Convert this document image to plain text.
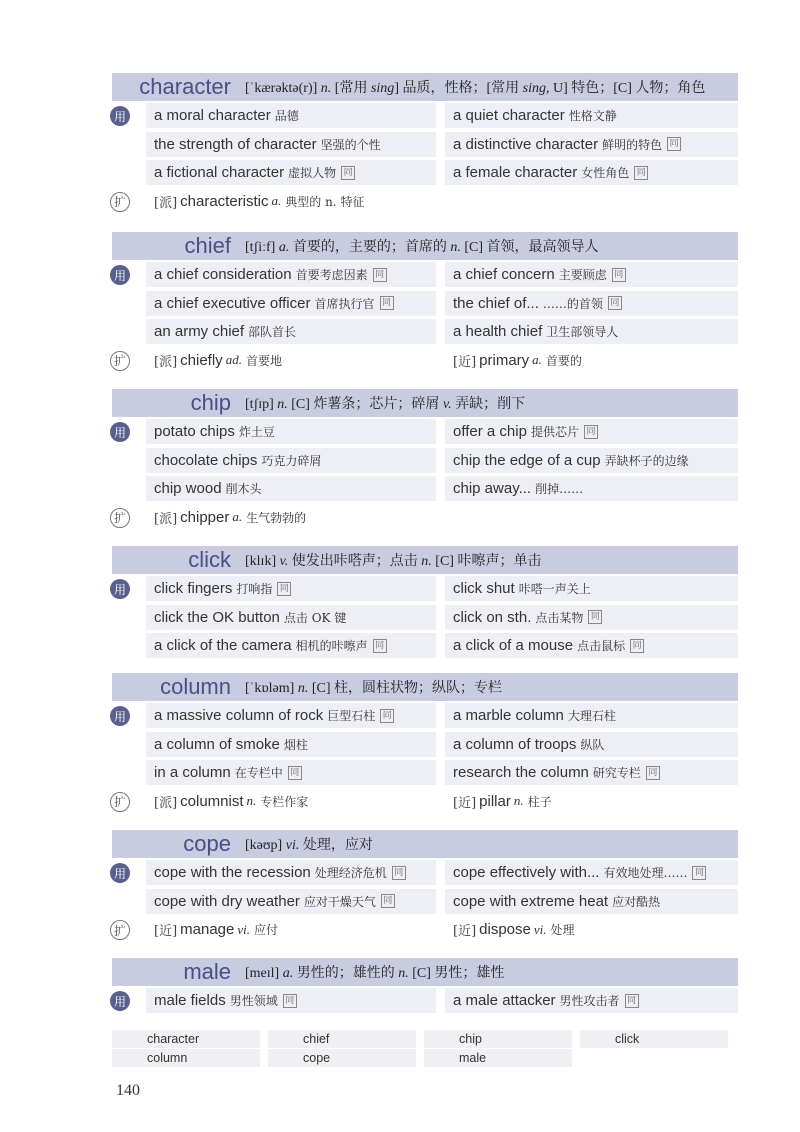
character	[ˈkærəktə(r)] n. [常用 sing] 品质，性格；[常用 sing, U] 特色；[C] 人物；角色
用 a moral character 品德	a quiet character 性格文静
the strength of character 坚强的个性	a distinctive character 鲜明的特色 同
a fictional character 虚拟人物 同	a female character 女性角色 同
扩	[派] characteristic a. 典型的 n. 特征
chief	[tʃiːf] a. 首要的，主要的；首席的 n. [C] 首领，最高领导人
用 a chief consideration 首要考虑因素 同	a chief concern 主要顾虑 同
a chief executive officer 首席执行官 同	the chief of... ……的首领 同
an army chief 部队首长	a health chief 卫生部领导人
扩	[派] chiefly ad. 首要地	[近] primary a. 首要的
chip	[tʃɪp] n. [C] 炸薯条；芯片；碎屑 v. 弄缺；削下
用 potato chips 炸土豆	offer a chip 提供芯片 同
chocolate chips 巧克力碎屑	chip the edge of a cup 弄缺杯子的边缘
chip wood 削木头	chip away... 削掉……
扩	[派] chipper a. 生气勃勃的
click	[klɪk] v. 使发出咔嗒声；点击 n. [C] 咔嚓声；单击
用 click fingers 打响指 同	click shut 咔嗒一声关上
click the OK button 点击 OK 键	click on sth. 点击某物 同
a click of the camera 相机的咔嚓声 同	a click of a mouse 点击鼠标 同
column	[ˈkɒləm] n. [C] 柱，圆柱状物；纵队；专栏
用 a massive column of rock 巨型石柱 同	a marble column 大理石柱
a column of smoke 烟柱	a column of troops 纵队
in a column 在专栏中 同	research the column 研究专栏 同
扩	[派] columnist n. 专栏作家	[近] pillar n. 柱子
cope	[kəʊp] vi. 处理，应对
用 cope with the recession 处理经济危机 同	cope effectively with... 有效地处理…… 同
cope with dry weather 应对干燥天气 同	cope with extreme heat 应对酷热
扩	[近] manage vi. 应付	[近] dispose vi. 处理
male	[meɪl] a. 男性的；雄性的 n. [C] 男性；雄性
用 male fields 男性领域 同	a male attacker 男性攻击者 同
character	chief	chip	click
column	cope	male
140
